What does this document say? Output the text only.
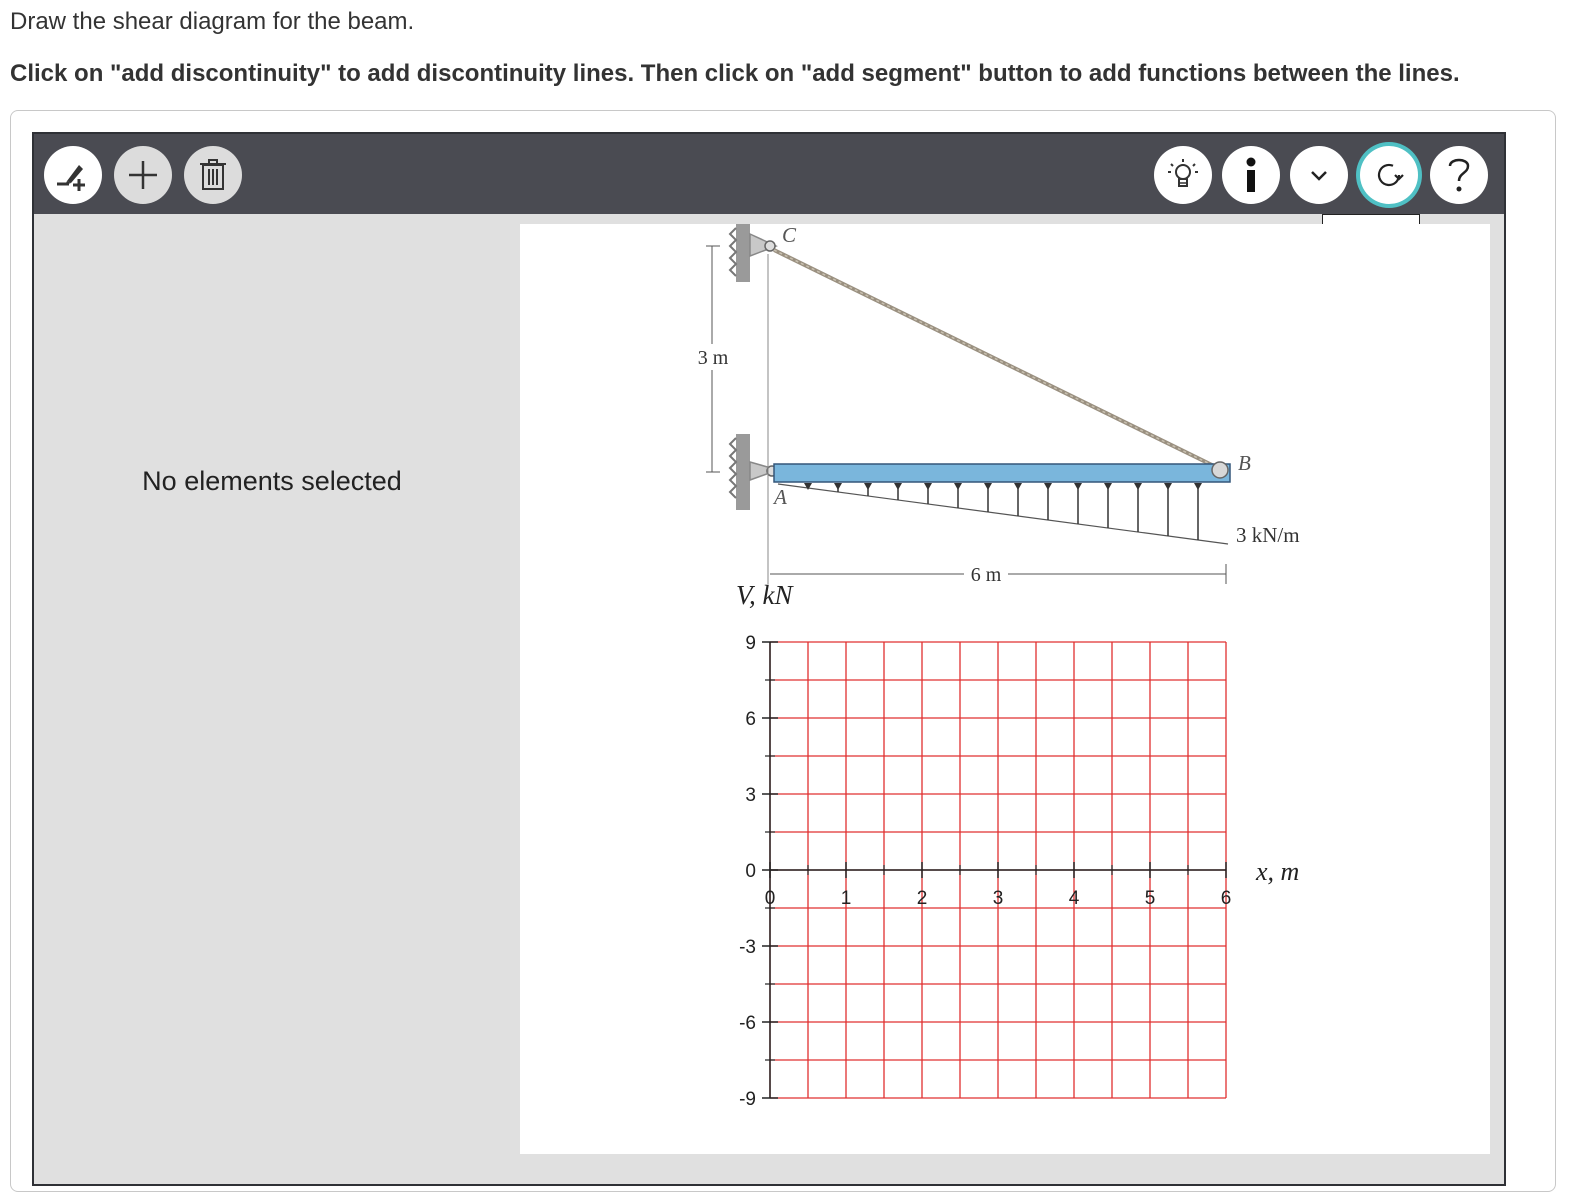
Draw the shear diagram for the beam.
Click on "add discontinuity" to add discontinuity lines. Then click on "add segment" button to add functions between the lines.
No elements selected
3 m
6 m
C
A
B
3 kN/m
V, kN
x, m
9
6
3
0
-3
-6
-9
0	1	2	3	4	5	6
